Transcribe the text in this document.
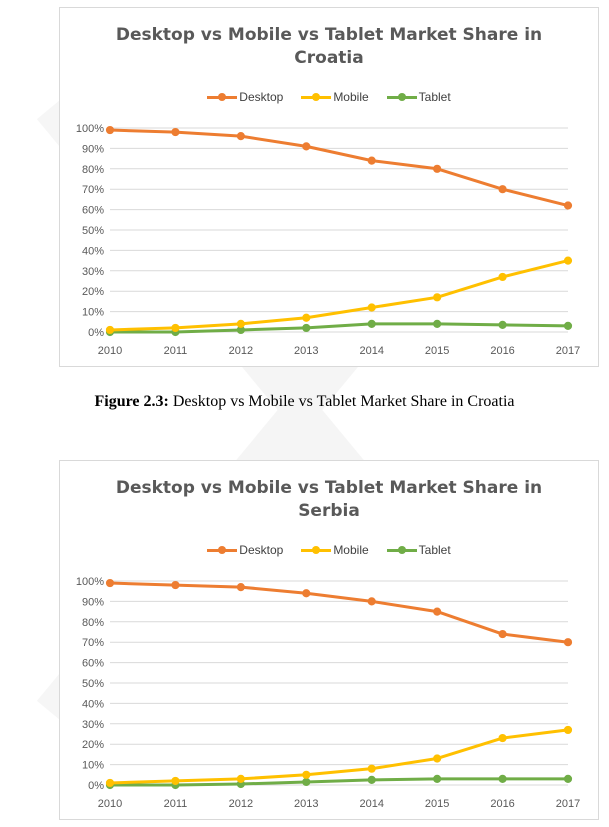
Desktop vs Mobile vs Tablet Market Share in
Croatia
Desktop	Mobile	Tablet
0%
10%
20%
30%
40%
50%
60%
70%
80%
90%
100%
2010	2011	2012	2013	2014	2015	2016	2017
Figure 2.3: Desktop vs Mobile vs Tablet Market Share in Croatia
Desktop vs Mobile vs Tablet Market Share in
Serbia
Desktop	Mobile	Tablet
0%
10%
20%
30%
40%
50%
60%
70%
80%
90%
100%
2010	2011	2012	2013	2014	2015	2016	2017
